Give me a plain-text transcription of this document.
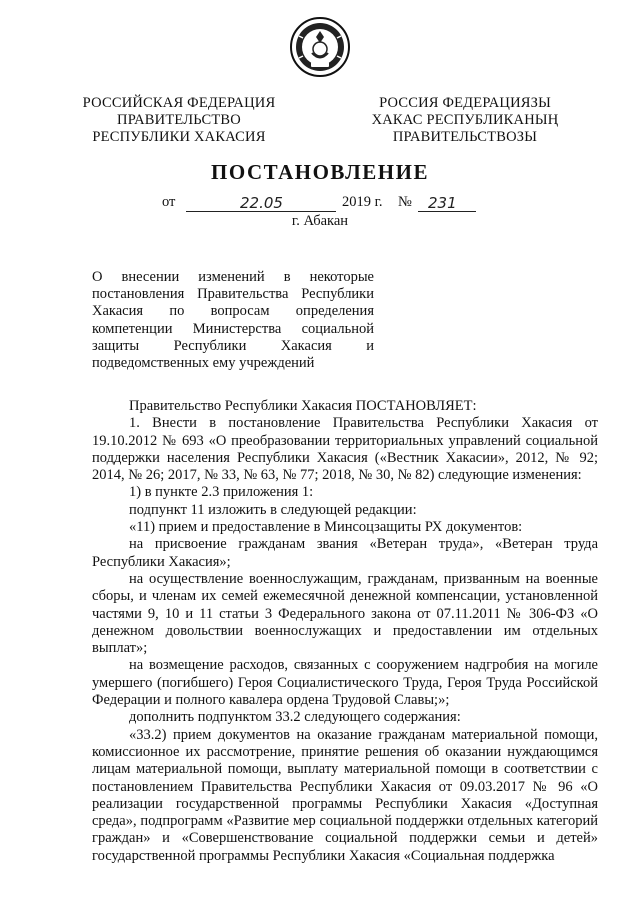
РОССИЙСКАЯ ФЕДЕРАЦИЯ
ПРАВИТЕЛЬСТВО
РЕСПУБЛИКИ ХАКАСИЯ
РОССИЯ ФЕДЕРАЦИЯЗЫ
ХАКАС РЕСПУБЛИКАНЫҢ
ПРАВИТЕЛЬСТВОЗЫ
ПОСТАНОВЛЕНИЕ
от	22.05	2019 г. № 231
г. Абакан
О внесении изменений в некоторые
постановления Правительства Республики
Хакасия по вопросам определения
компетенции Министерства социальной
защиты Республики Хакасия и
подведомственных ему учреждений

Правительство Республики Хакасия ПОСТАНОВЛЯЕТ:

1. Внести в постановление Правительства Республики Хакасия от 19.10.2012 № 693 «О преобразовании территориальных управлений социальной поддержки населения Республики Хакасия («Вестник Хакасии», 2012, № 92; 2014, № 26; 2017, № 33, № 63, № 77; 2018, № 30, № 82) следующие изменения:

1) в пункте 2.3 приложения 1:

подпункт 11 изложить в следующей редакции:

«11) прием и предоставление в Минсоцзащиты РХ документов:

на присвоение гражданам звания «Ветеран труда», «Ветеран труда Республики Хакасия»;

на осуществление военнослужащим, гражданам, призванным на военные сборы, и членам их семей ежемесячной денежной компенсации, установленной частями 9, 10 и 11 статьи 3 Федерального закона от 07.11.2011 № 306-ФЗ «О денежном довольствии военнослужащих и предоставлении им отдельных выплат»;

на возмещение расходов, связанных с сооружением надгробия на могиле умершего (погибшего) Героя Социалистического Труда, Героя Труда Российской Федерации и полного кавалера ордена Трудовой Славы;»;

дополнить подпунктом 33.2 следующего содержания:

«33.2) прием документов на оказание гражданам материальной помощи, комиссионное их рассмотрение, принятие решения об оказании нуждающимся лицам материальной помощи, выплату материальной помощи в соответствии с постановлением Правительства Республики Хакасия от 09.03.2017 № 96 «О реализации государственной программы Республики Хакасия «Доступная среда», подпрограмм «Развитие мер социальной поддержки отдельных категорий граждан» и «Совершенствование социальной поддержки семьи и детей» государственной программы Республики Хакасия «Социальная поддержка
